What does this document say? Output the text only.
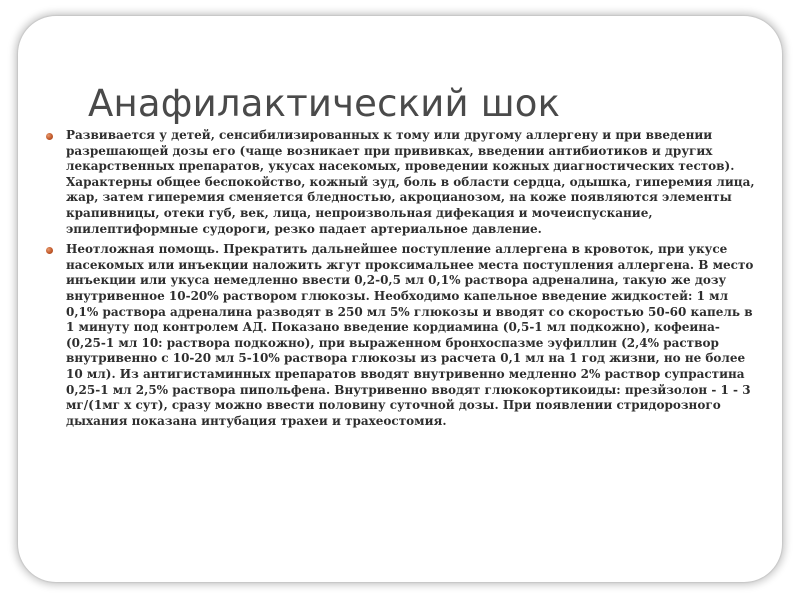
Анафилактический шок

Развивается у детей, сенсибилизированных к тому или другому аллергену и при введении разрешающей дозы его (чаще возникает при прививках, введении антибиотиков и других лекарственных препаратов, укусах насекомых, проведении кожных диагностических тестов). Характерны общее беспокойство, кожный зуд, боль в области сердца, одышка, гиперемия лица, жар, затем гиперемия сменяется бледностью, акроцианозом, на коже появляются элементы крапивницы, отеки губ, век, лица, непроизвольная дифекация и мочеиспускание, эпилептиформные судороги, резко падает артериальное давление.

Неотложная помощь. Прекратить дальнейшее поступление аллергена в кровоток, при укусе насекомых или инъекции наложить жгут проксимальнее места поступления аллергена. В место инъекции или укуса немедленно ввести 0,2-0,5 мл 0,1% раствора адреналина, такую же дозу внутривенное 10-20% раствором глюкозы. Необходимо капельное введение жидкостей: 1 мл 0,1% раствора адреналина разводят в 250 мл 5% глюкозы и вводят со скоростью 50-60 капель в 1 минуту под контролем АД. Показано введение кордиамина (0,5-1 мл подкожно), кофеина-(0,25-1 мл 10: раствора подкожно), при выраженном бронхоспазме эуфиллин (2,4% раствор внутривенно с 10-20 мл 5-10% раствора глюкозы из расчета 0,1 мл на 1 год жизни, но не более 10 мл). Из антигистаминных препаратов вводят внутривенно медленно 2% раствор супрастина 0,25-1 мл 2,5% раствора пипольфена. Внутривенно вводят глюкокортикоиды: презйзолон - 1 - 3 мг/(1мг х сут), сразу можно ввести половину суточной дозы. При появлении стридорозного дыхания показана интубация трахеи и трахеостомия.
